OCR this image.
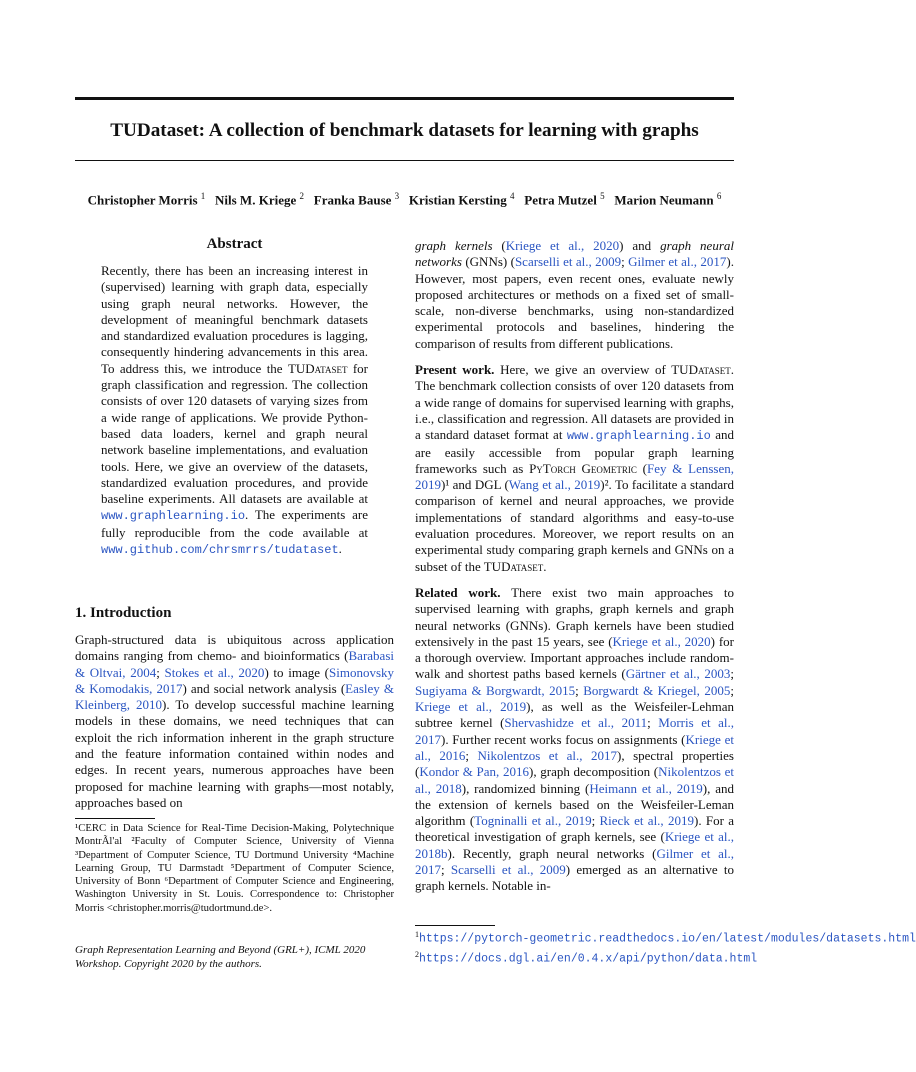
TUDataset: A collection of benchmark datasets for learning with graphs
Christopher Morris $^1$ Nils M. Kriege $^2$ Franka Bause $^3$ Kristian Kersting $^4$ Petra Mutzel $^5$ Marion Neumann $^6$
Abstract
Recently, there has been an increasing interest in (supervised) learning with graph data, especially using graph neural networks. However, the development of meaningful benchmark datasets and standardized evaluation procedures is lagging, consequently hindering advancements in this area. To address this, we introduce the TUDataset for graph classification and regression. The collection consists of over 120 datasets of varying sizes from a wide range of applications. We provide Python-based data loaders, kernel and graph neural network baseline implementations, and evaluation tools. Here, we give an overview of the datasets, standardized evaluation procedures, and provide baseline experiments. All datasets are available at www.graphlearning.io. The experiments are fully reproducible from the code available at www.github.com/chrsmrrs/tudataset.
1. Introduction
Graph-structured data is ubiquitous across application domains ranging from chemo- and bioinformatics (Barabasi & Oltvai, 2004; Stokes et al., 2020) to image (Simonovsky & Komodakis, 2017) and social network analysis (Easley & Kleinberg, 2010). To develop successful machine learning models in these domains, we need techniques that can exploit the rich information inherent in the graph structure and the feature information contained within nodes and edges. In recent years, numerous approaches have been proposed for machine learning with graphs—most notably, approaches based on
¹CERC in Data Science for Real-Time Decision-Making, Polytechnique MontrÃl'al ²Faculty of Computer Science, University of Vienna ³Department of Computer Science, TU Dortmund University ⁴Machine Learning Group, TU Darmstadt ⁵Department of Computer Science, University of Bonn ⁶Department of Computer Science and Engineering, Washington University in St. Louis. Correspondence to: Christopher Morris <christopher.morris@tudortmund.de>.
Graph Representation Learning and Beyond (GRL+), ICML 2020 Workshop. Copyright 2020 by the authors.

graph kernels (Kriege et al., 2020) and graph neural networks (GNNs) (Scarselli et al., 2009; Gilmer et al., 2017). However, most papers, even recent ones, evaluate newly proposed architectures or methods on a fixed set of small-scale, non-diverse benchmarks, using non-standardized experimental protocols and baselines, hindering the comparison of results from different publications.

Present work. Here, we give an overview of TUDataset. The benchmark collection consists of over 120 datasets from a wide range of domains for supervised learning with graphs, i.e., classification and regression. All datasets are provided in a standard dataset format at www.graphlearning.io and are easily accessible from popular graph learning frameworks such as PyTorch Geometric (Fey & Lenssen, 2019)¹ and DGL (Wang et al., 2019)². To facilitate a standard comparison of kernel and neural approaches, we provide implementations of standard algorithms and easy-to-use evaluation procedures. Moreover, we report results on an experimental study comparing graph kernels and GNNs on a subset of the TUDataset.

Related work. There exist two main approaches to supervised learning with graphs, graph kernels and graph neural networks (GNNs). Graph kernels have been studied extensively in the past 15 years, see (Kriege et al., 2020) for a thorough overview. Important approaches include random-walk and shortest paths based kernels (Gärtner et al., 2003; Sugiyama & Borgwardt, 2015; Borgwardt & Kriegel, 2005; Kriege et al., 2019), as well as the Weisfeiler-Lehman subtree kernel (Shervashidze et al., 2011; Morris et al., 2017). Further recent works focus on assignments (Kriege et al., 2016; Nikolentzos et al., 2017), spectral properties (Kondor & Pan, 2016), graph decomposition (Nikolentzos et al., 2018), randomized binning (Heimann et al., 2019), and the extension of kernels based on the Weisfeiler-Leman algorithm (Togninalli et al., 2019; Rieck et al., 2019). For a theoretical investigation of graph kernels, see (Kriege et al., 2018b). Recently, graph neural networks (Gilmer et al., 2017; Scarselli et al., 2009) emerged as an alternative to graph kernels. Notable in-

$^1$https://pytorch-geometric.readthedocs.io/en/latest/modules/datasets.html
$^2$https://docs.dgl.ai/en/0.4.x/api/python/data.html
